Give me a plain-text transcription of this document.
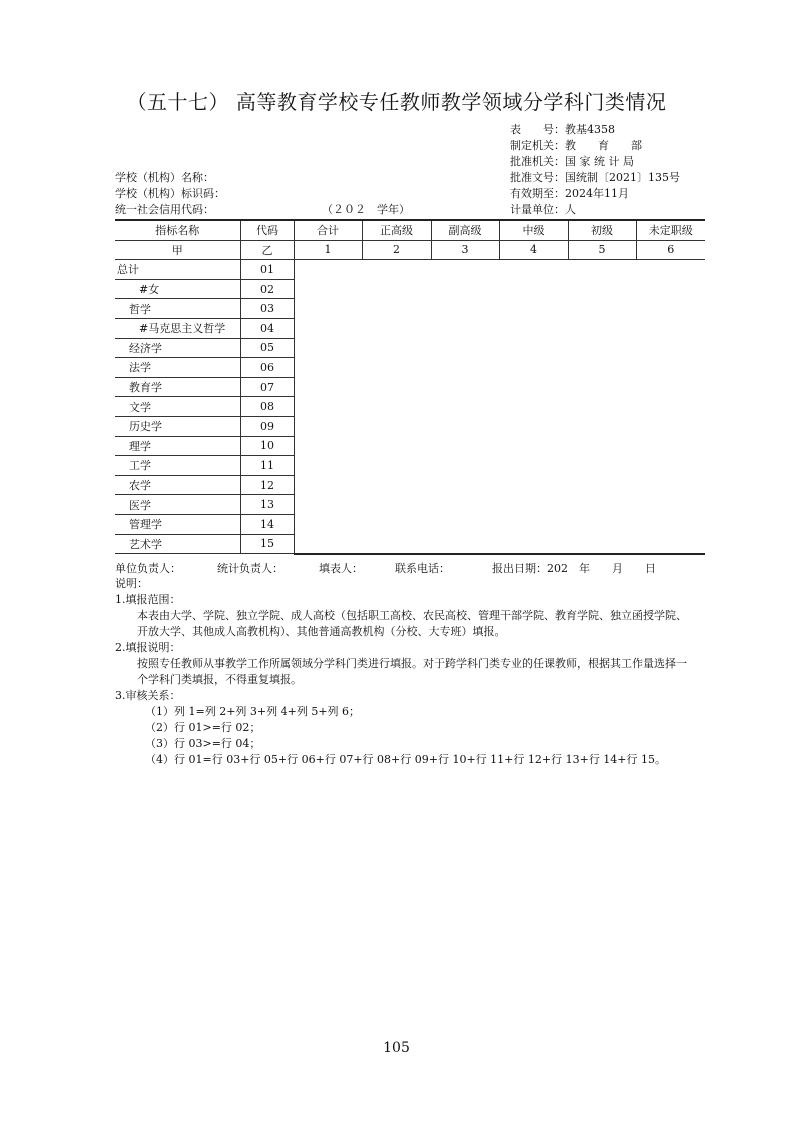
（五十七） 高等教育学校专任教师教学领域分学科门类情况
表　　号：教基4358
制定机关：教　　育　　部
批准机关：国 家 统 计 局
批准文号：国统制〔2021〕135号
有效期至：2024年11月
计量单位：人
学校（机构）名称：
学校（机构）标识码：
统一社会信用代码：	（２０２　学年）
指标名称	代码	合计	正高级	副高级	中级	初级	未定职级
甲	乙	1	2	3	4	5	6
总计	01						
#女	02						
哲学	03						
#马克思主义哲学	04						
经济学	05						
法学	06						
教育学	07						
文学	08						
历史学	09						
理学	10						
工学	11						
农学	12						
医学	13						
管理学	14						
艺术学	15						
单位负责人：	统计负责人：	填表人：	联系电话：	报出日期：202　年　　月　　日

说明：

1.填报范围：

本表由大学、学院、独立学院、成人高校（包括职工高校、农民高校、管理干部学院、教育学院、独立函授学院、开放大学、其他成人高教机构）、其他普通高教机构（分校、大专班）填报。

2.填报说明：

按照专任教师从事教学工作所属领域分学科门类进行填报。对于跨学科门类专业的任课教师，根据其工作量选择一个学科门类填报，不得重复填报。

3.审核关系：

（1）列 1=列 2+列 3+列 4+列 5+列 6；

（2）行 01>=行 02；

（3）行 03>=行 04；

（4）行 01=行 03+行 05+行 06+行 07+行 08+行 09+行 10+行 11+行 12+行 13+行 14+行 15。

105
